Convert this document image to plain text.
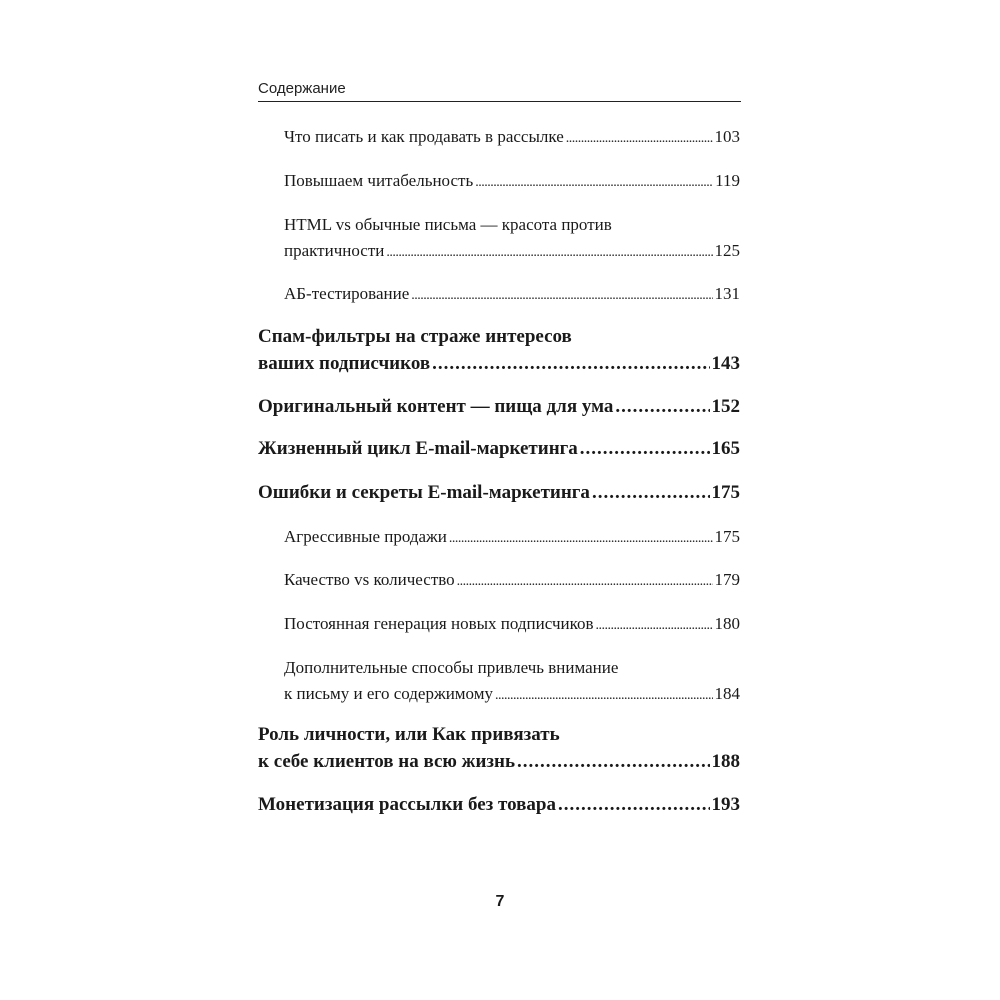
Содержание
Что писать и как продавать в рассылке .....	103
Повышаем читабельность .....	119
HTML vs обычные письма — красота против
практичности .....	125
АБ-тестирование .....	131
Спам-фильтры на страже интересов
ваших подписчиков .....	143
Оригинальный контент — пища для ума .....	152
Жизненный цикл E-mail-маркетинга .....	165
Ошибки и секреты E-mail-маркетинга .....	175
Агрессивные продажи .....	175
Качество vs количество .....	179
Постоянная генерация новых подписчиков .....	180
Дополнительные способы привлечь внимание
к письму и его содержимому .....	184
Роль личности, или Как привязать
к себе клиентов на всю жизнь .....	188
Монетизация рассылки без товара .....	193
7
